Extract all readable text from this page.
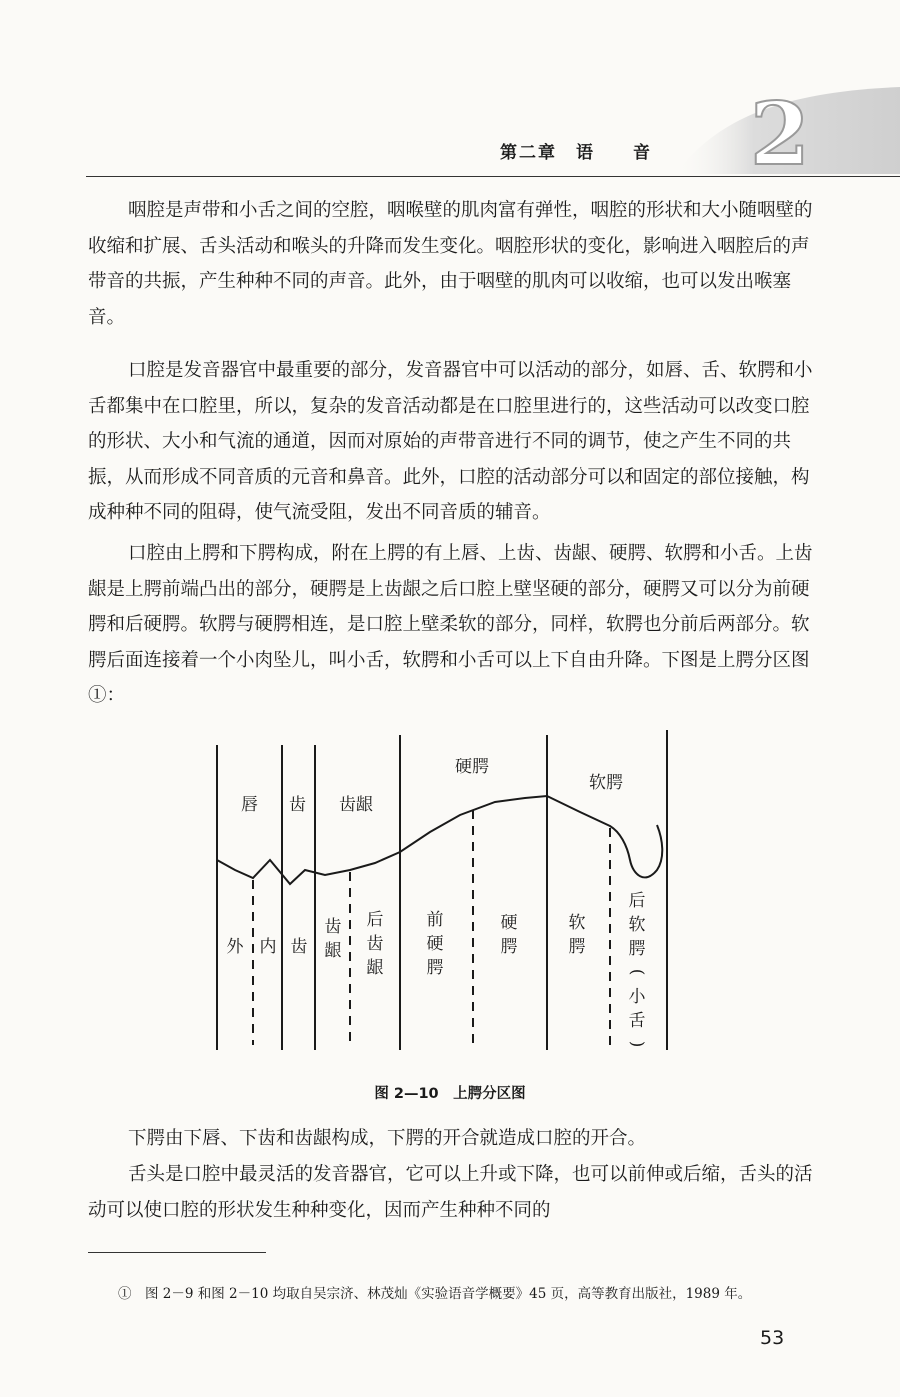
2
第二章　语　　音

咽腔是声带和小舌之间的空腔，咽喉壁的肌肉富有弹性，咽腔的形状和大小随咽壁的收缩和扩展、舌头活动和喉头的升降而发生变化。咽腔形状的变化，影响进入咽腔后的声带音的共振，产生种种不同的声音。此外，由于咽壁的肌肉可以收缩，也可以发出喉塞音。

口腔是发音器官中最重要的部分，发音器官中可以活动的部分，如唇、舌、软腭和小舌都集中在口腔里，所以，复杂的发音活动都是在口腔里进行的，这些活动可以改变口腔的形状、大小和气流的通道，因而对原始的声带音进行不同的调节，使之产生不同的共振，从而形成不同音质的元音和鼻音。此外，口腔的活动部分可以和固定的部位接触，构成种种不同的阻碍，使气流受阻，发出不同音质的辅音。

口腔由上腭和下腭构成，附在上腭的有上唇、上齿、齿龈、硬腭、软腭和小舌。上齿龈是上腭前端凸出的部分，硬腭是上齿龈之后口腔上壁坚硬的部分，硬腭又可以分为前硬腭和后硬腭。软腭与硬腭相连，是口腔上壁柔软的部分，同样，软腭也分前后两部分。软腭后面连接着一个小肉坠儿，叫小舌，软腭和小舌可以上下自由升降。下图是上腭分区图①：

唇 齿 齿龈
硬腭
软腭
外 内 齿
齿
龈
后
齿
龈
前
硬
腭
硬
腭
软
腭
后
软
腭
(
小
舌
)
图 2—10　上腭分区图

下腭由下唇、下齿和齿龈构成，下腭的开合就造成口腔的开合。

舌头是口腔中最灵活的发音器官，它可以上升或下降，也可以前伸或后缩，舌头的活动可以使口腔的形状发生种种变化，因而产生种种不同的

①　图 2－9 和图 2－10 均取自吴宗济、林茂灿《实验语音学概要》45 页，高等教育出版社，1989 年。
53
